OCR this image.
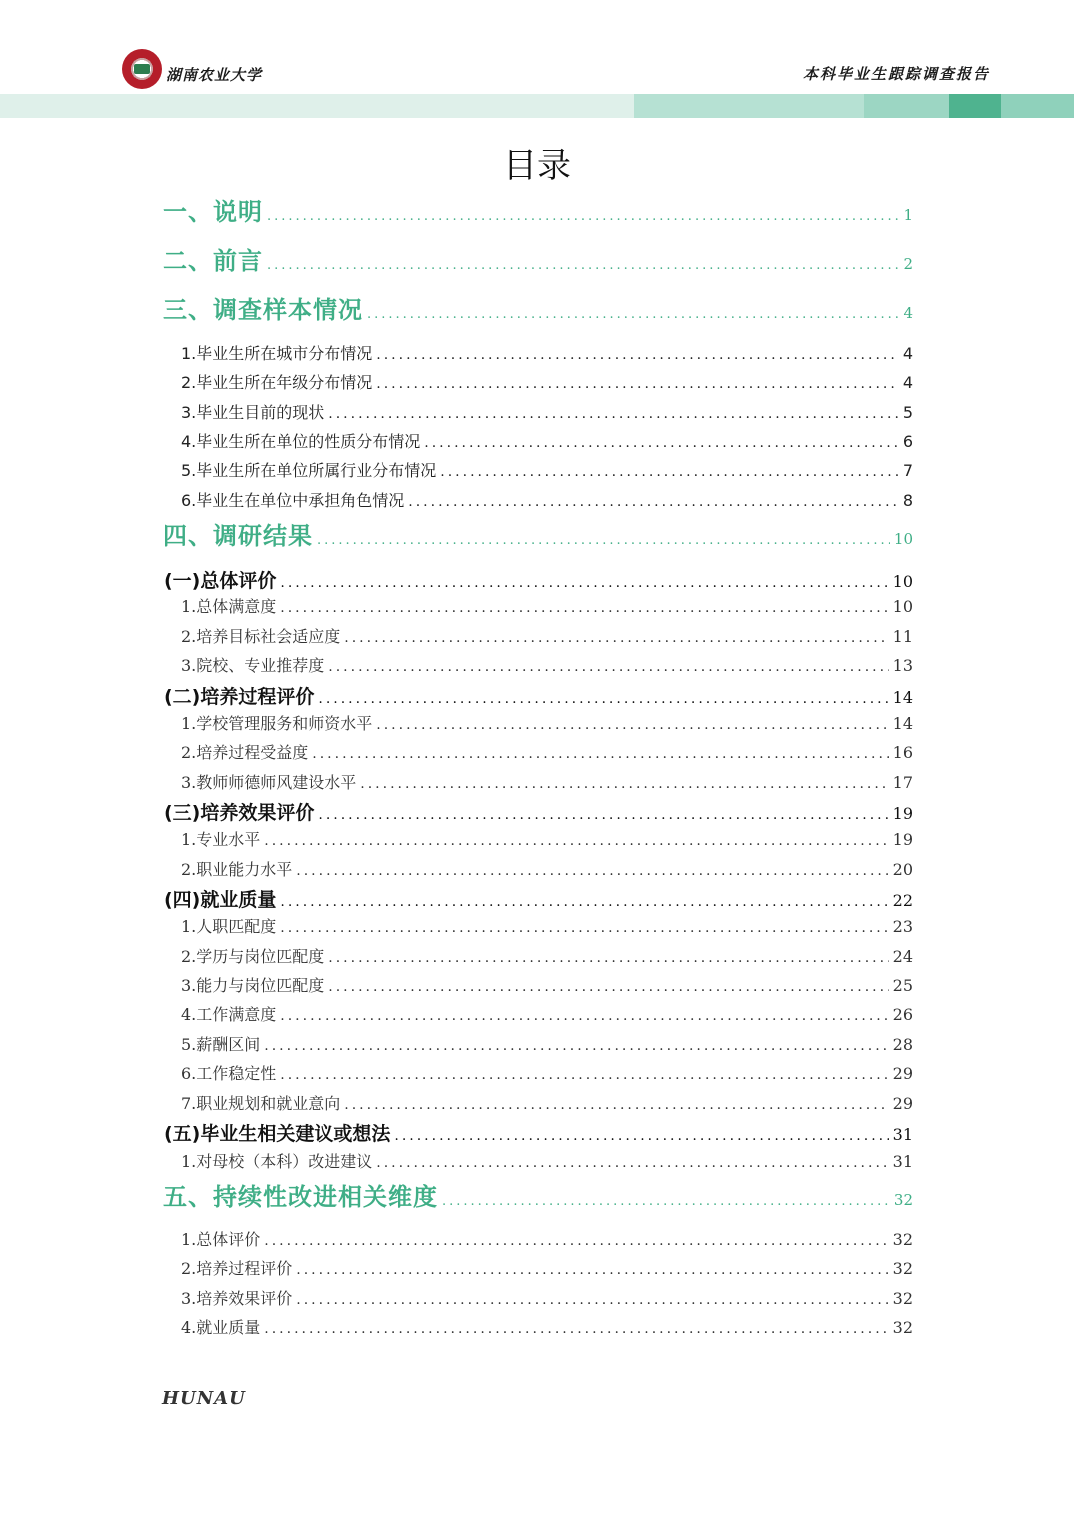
湖南农业大学	本科毕业生跟踪调查报告
目录
一、说明 .....	1
二、前言 .....	2
三、调查样本情况 .....	4
1.毕业生所在城市分布情况 .....	4
2.毕业生所在年级分布情况 .....	4
3.毕业生目前的现状 .....	5
4.毕业生所在单位的性质分布情况 .....	6
5.毕业生所在单位所属行业分布情况 .....	7
6.毕业生在单位中承担角色情况 .....	8
四、调研结果 .....	10
(一)总体评价 .....	10
1.总体满意度 .....	10
2.培养目标社会适应度 .....	11
3.院校、专业推荐度 .....	13
(二)培养过程评价 .....	14
1.学校管理服务和师资水平 .....	14
2.培养过程受益度 .....	16
3.教师师德师风建设水平 .....	17
(三)培养效果评价 .....	19
1.专业水平 .....	19
2.职业能力水平 .....	20
(四)就业质量 .....	22
1.人职匹配度 .....	23
2.学历与岗位匹配度 .....	24
3.能力与岗位匹配度 .....	25
4.工作满意度 .....	26
5.薪酬区间 .....	28
6.工作稳定性 .....	29
7.职业规划和就业意向 .....	29
(五)毕业生相关建议或想法 .....	31
1.对母校（本科）改进建议 .....	31
五、持续性改进相关维度 .....	32
1.总体评价 .....	32
2.培养过程评价 .....	32
3.培养效果评价 .....	32
4.就业质量 .....	32
HUNAU
